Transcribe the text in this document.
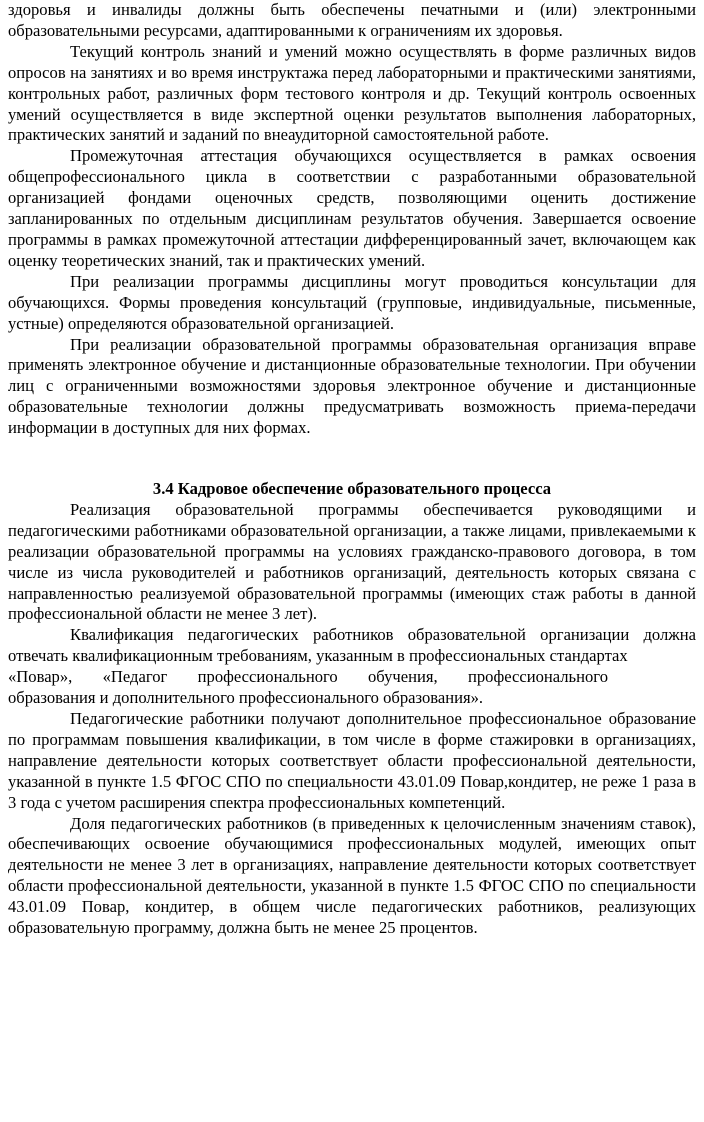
здоровья и инвалиды должны быть обеспечены печатными и (или) электронными образовательными ресурсами, адаптированными к ограничениям их здоровья.

Текущий контроль знаний и умений можно осуществлять в форме различных видов опросов на занятиях и во время инструктажа перед лабораторными и практическими занятиями, контрольных работ, различных форм тестового контроля и др. Текущий контроль освоенных умений осуществляется в виде экспертной оценки результатов выполнения лабораторных, практических занятий и заданий по внеаудиторной самостоятельной работе.

Промежуточная аттестация обучающихся осуществляется в рамках освоения общепрофессионального цикла в соответствии с разработанными образовательной организацией фондами оценочных средств, позволяющими оценить достижение запланированных по отдельным дисциплинам результатов обучения. Завершается освоение программы в рамках промежуточной аттестации дифференцированный зачет, включающем как оценку теоретических знаний, так и практических умений.

При реализации программы дисциплины могут проводиться консультации для обучающихся. Формы проведения консультаций (групповые, индивидуальные, письменные, устные) определяются образовательной организацией.

При реализации образовательной программы образовательная организация вправе применять электронное обучение и дистанционные образовательные технологии. При обучении лиц с ограниченными возможностями здоровья электронное обучение и дистанционные образовательные технологии должны предусматривать возможность приема-передачи информации в доступных для них формах.

3.4 Кадровое обеспечение образовательного процесса

Реализация образовательной программы обеспечивается руководящими и педагогическими работниками образовательной организации, а также лицами, привлекаемыми к реализации образовательной программы на условиях гражданско-правового договора, в том числе из числа руководителей и работников организаций, деятельность которых связана с направленностью реализуемой образовательной программы (имеющих стаж работы в данной профессиональной области не менее 3 лет).

Квалификация педагогических работников образовательной организации должна отвечать квалификационным требованиям, указанным в профессиональных стандартах

«Повар», «Педагог профессионального обучения, профессионального

образования и дополнительного профессионального образования».

Педагогические работники получают дополнительное профессиональное образование по программам повышения квалификации, в том числе в форме стажировки в организациях, направление деятельности которых соответствует области профессиональной деятельности, указанной в пункте 1.5 ФГОС СПО по специальности 43.01.09 Повар,кондитер, не реже 1 раза в 3 года с учетом расширения спектра профессиональных компетенций.

Доля педагогических работников (в приведенных к целочисленным значениям ставок), обеспечивающих освоение обучающимися профессиональных модулей, имеющих опыт деятельности не менее 3 лет в организациях, направление деятельности которых соответствует области профессиональной деятельности, указанной в пункте 1.5 ФГОС СПО по специальности 43.01.09 Повар, кондитер, в общем числе педагогических работников, реализующих образовательную программу, должна быть не менее 25 процентов.
